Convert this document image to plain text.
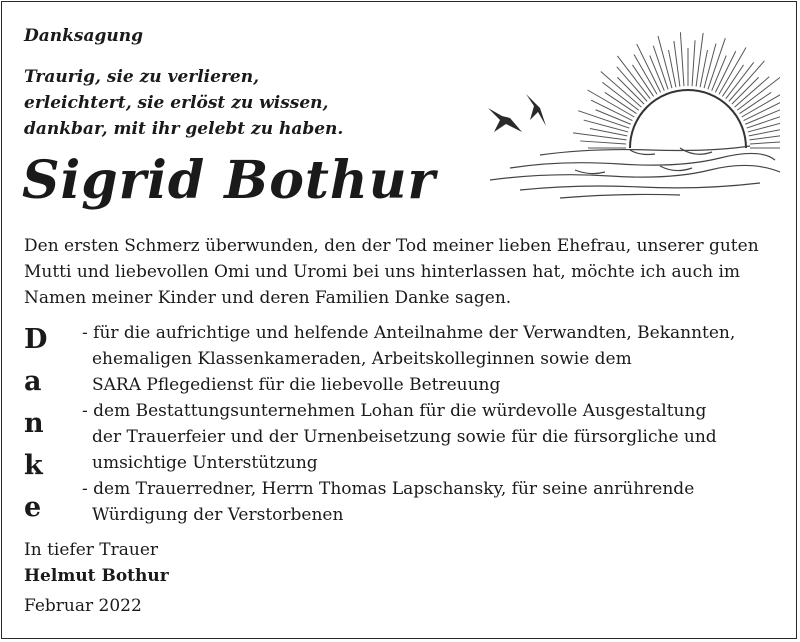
Danksagung
Traurig, sie zu verlieren,
erleichtert, sie erlöst zu wissen,
dankbar, mit ihr gelebt zu haben.
Sigrid Bothur
Den ersten Schmerz überwunden, den der Tod meiner lieben Ehefrau, unserer guten
Mutti und liebevollen Omi und Uromi bei uns hinterlassen hat, möchte ich auch im
Namen meiner Kinder und deren Familien Danke sagen.
D
a
n
k
e
- für die aufrichtige und helfende Anteilnahme der Verwandten, Bekannten,
ehemaligen Klassenkameraden, Arbeitskolleginnen sowie dem
SARA Pflegedienst für die liebevolle Betreuung
- dem Bestattungsunternehmen Lohan für die würdevolle Ausgestaltung
der Trauerfeier und der Urnenbeisetzung sowie für die fürsorgliche und
umsichtige Unterstützung
- dem Trauerredner, Herrn Thomas Lapschansky, für seine anrührende
Würdigung der Verstorbenen
In tiefer Trauer
Helmut Bothur
Februar 2022
